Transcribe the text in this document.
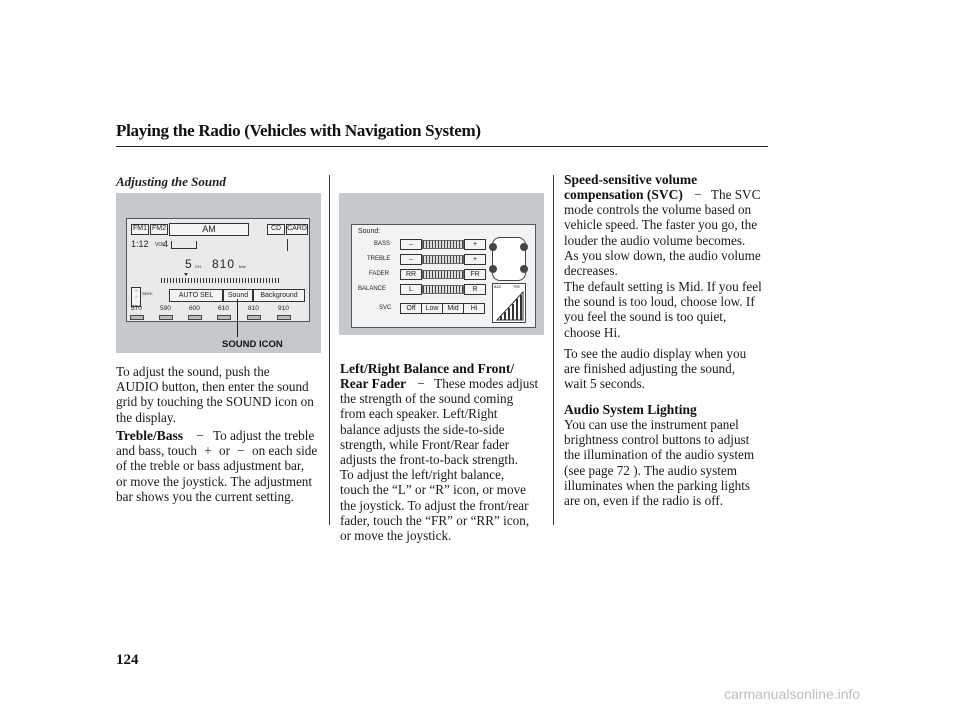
Playing the Radio (Vehicles with Navigation System)
Adjusting the Sound
FM1 FM2	AM	CD CARD
1:12 VOL
4
5 CH 810 kHz
+
−
SEEK	AUTO SEL	Sound	Background
570	590	600	610	810	910
SOUND ICON
Sound:
BASS	–	+
TREBLE	–	+
FADER	RR	FR
BALANCE	L	R
SVC	Off	Low	Mid	Hi
BAS	TRE
To adjust the sound, push the
AUDIO button, then enter the sound
grid by touching the SOUND icon on
the display.
Treble/Bass − To adjust the treble
and bass, touch + or − on each side
of the treble or bass adjustment bar,
or move the joystick. The adjustment
bar shows you the current setting.
Left/Right Balance and Front/
Rear Fader − These modes adjust
the strength of the sound coming
from each speaker. Left/Right
balance adjusts the side-to-side
strength, while Front/Rear fader
adjusts the front-to-back strength.
To adjust the left/right balance,
touch the “L” or “R” icon, or move
the joystick. To adjust the front/rear
fader, touch the “FR” or “RR” icon,
or move the joystick.
Speed-sensitive volume
compensation (SVC) − The SVC
mode controls the volume based on
vehicle speed. The faster you go, the
louder the audio volume becomes.
As you slow down, the audio volume
decreases.
The default setting is Mid. If you feel
the sound is too loud, choose low. If
you feel the sound is too quiet,
choose Hi.
To see the audio display when you
are finished adjusting the sound,
wait 5 seconds.
Audio System Lighting
You can use the instrument panel
brightness control buttons to adjust
the illumination of the audio system
(see page 72 ). The audio system
illuminates when the parking lights
are on, even if the radio is off.
124
carmanualsonline.info
